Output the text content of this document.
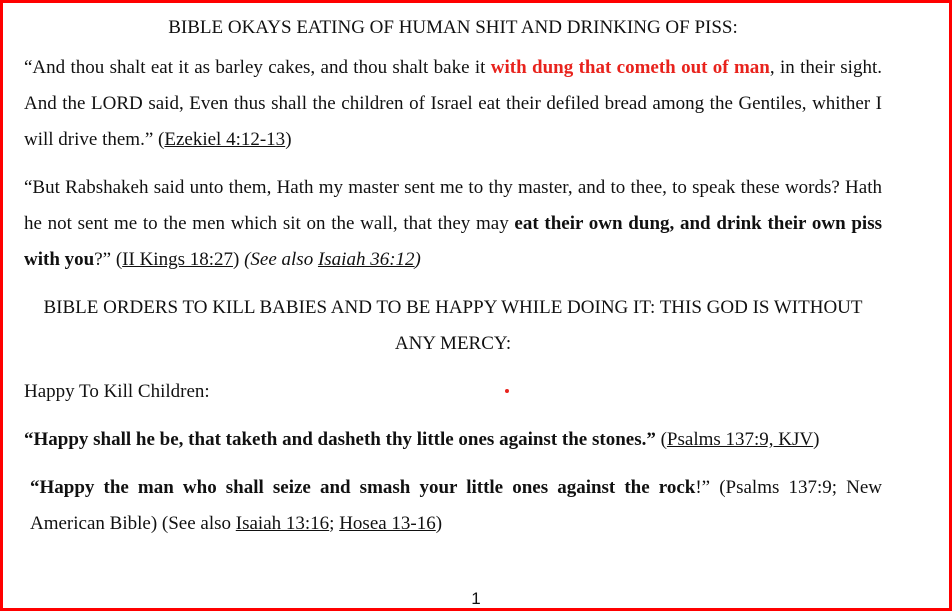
BIBLE OKAYS EATING OF HUMAN SHIT AND DRINKING OF PISS:

“And thou shalt eat it as barley cakes, and thou shalt bake it with dung that cometh out of man, in their sight. And the LORD said, Even thus shall the children of Israel eat their defiled bread among the Gentiles, whither I will drive them.” (Ezekiel 4:12-13)

“But Rabshakeh said unto them, Hath my master sent me to thy master, and to thee, to speak these words? Hath he not sent me to the men which sit on the wall, that they may eat their own dung, and drink their own piss with you?” (II Kings 18:27) (See also Isaiah 36:12)

BIBLE ORDERS TO KILL BABIES AND TO BE HAPPY WHILE DOING IT: THIS GOD IS WITHOUT ANY MERCY:

Happy To Kill Children:

“Happy shall he be, that taketh and dasheth thy little ones against the stones.” (Psalms 137:9, KJV)

“Happy the man who shall seize and smash your little ones against the rock!” (Psalms 137:9; New American Bible) (See also Isaiah 13:16; Hosea 13-16)

1
